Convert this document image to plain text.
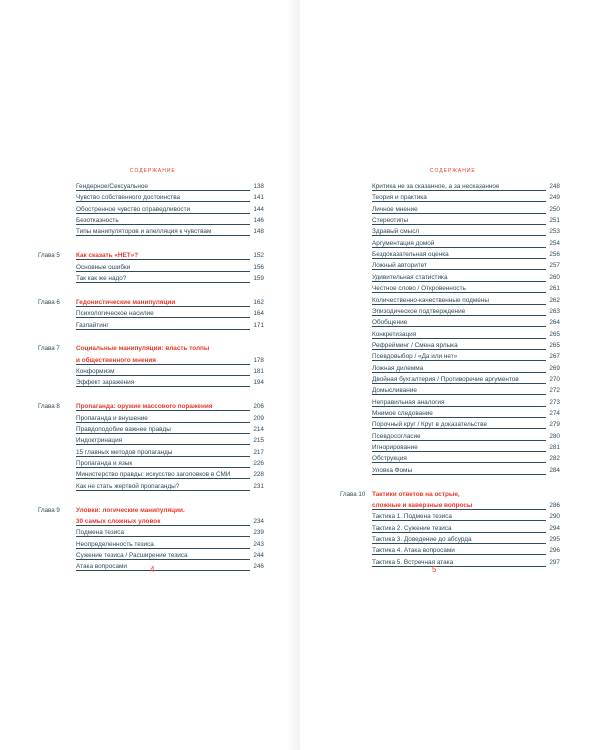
СОДЕРЖАНИЕ
Гендерное/Сексуальное	138
Чувство собственного достоинства	141
Обостренное чувство справедливости	144
Безотказность	146
Типы манипуляторов и апелляция к чувствам	148
Глава 5	Как сказать «НЕТ»?	152
Основные ошибки	156
Так как же надо?	159
Глава 6	Гедонистические манипуляции	162
Психологическое насилие	164
Газлайтинг	171
Глава 7	Социальные манипуляции: власть толпы
и общественного мнения	178
Конформизм	181
Эффект заражения	194
Глава 8	Пропаганда: оружие массового поражения	206
Пропаганда и внушение	209
Правдоподобие важнее правды	214
Индоктринация	215
15 главных методов пропаганды	217
Пропаганда и язык	226
Министерство правды: искусство заголовков в СМИ	228
Как не стать жертвой пропаганды?	231
Глава 9	Уловки: логические манипуляции.
30 самых сложных уловок	234
Подмена тезиса	239
Неопределенность тезиса	243
Сужение тезиса / Расширение тезиса	244
Атака вопросами	246
4
СОДЕРЖАНИЕ
Критика не за сказанное, а за несказанное	248
Теория и практика	249
Личное мнение	250
Стереотипы	251
Здравый смысл	253
Аргументация домой	254
Бездоказательная оценка	256
Ложный авторитет	257
Удивительная статистика	260
Честное слово / Откровенность	261
Количественно-качественные подмены	262
Эпизодическое подтверждение	263
Обобщение	264
Конкретизация	265
Рефрейминг / Смена ярлыка	265
Псевдовыбор / «Да или нет»	267
Ложная дилемма	269
Двойная бухгалтерия / Противоречие аргументов	270
Домысливание	272
Неправильная аналогия	273
Мнимое следование	274
Порочный круг / Круг в доказательстве	279
Псевдосогласие	280
Игнорирование	281
Обструкция	282
Уловка Фомы	284
Глава 10 Тактики ответов на острые,
сложные и каверзные вопросы	286
Тактика 1. Подмена тезиса	290
Тактика 2. Сужение тезиса	294
Тактика 3. Доведение до абсурда	295
Тактика 4. Атака вопросами	296
Тактика 5. Встречная атака	297
5
